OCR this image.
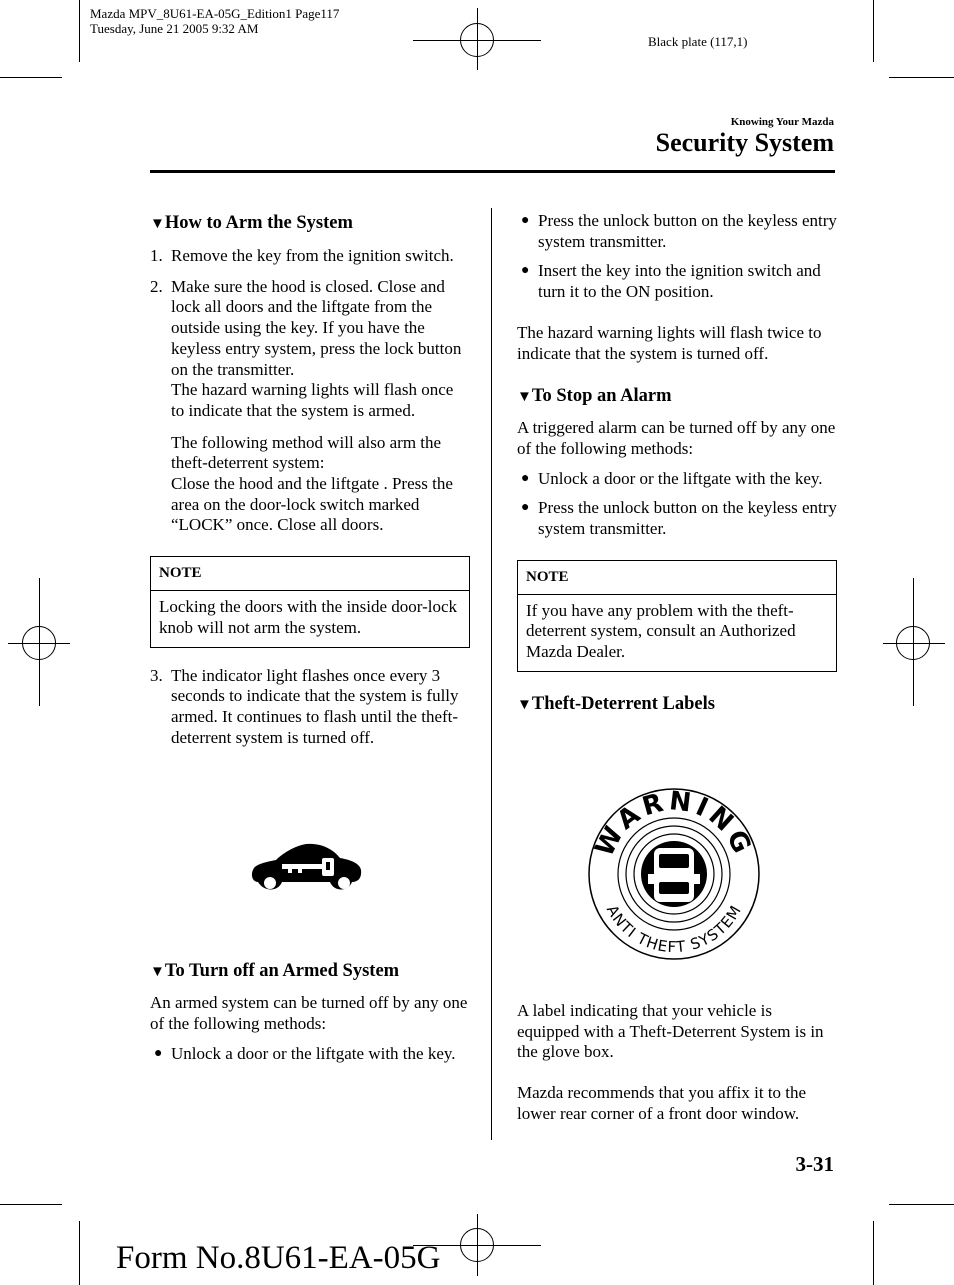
Mazda MPV_8U61-EA-05G_Edition1 Page117
Tuesday, June 21 2005 9:32 AM
Black plate (117,1)
Knowing Your Mazda
Security System
▼How to Arm the System
1. Remove the key from the ignition switch.

2. Make sure the hood is closed. Close and lock all doors and the liftgate from the outside using the key. If you have the keyless entry system, press the lock button on the transmitter.

The hazard warning lights will flash once to indicate that the system is armed.

The following method will also arm the theft-deterrent system:

Close the hood and the liftgate . Press the area on the door-lock switch marked “LOCK” once. Close all doors.

NOTE
Locking the doors with the inside door-lock knob will not arm the system.
3. The indicator light flashes once every 3 seconds to indicate that the system is fully armed. It continues to flash until the theft-deterrent system is turned off.

▼To Turn off an Armed System

An armed system can be turned off by any one of the following methods:

● Unlock a door or the liftgate with the key.

● Press the unlock button on the keyless entry system transmitter.

● Insert the key into the ignition switch and turn it to the ON position.

The hazard warning lights will flash twice to indicate that the system is turned off.

▼To Stop an Alarm

A triggered alarm can be turned off by any one of the following methods:

● Unlock a door or the liftgate with the key.

● Press the unlock button on the keyless entry system transmitter.

NOTE
If you have any problem with the theft-deterrent system, consult an Authorized Mazda Dealer.
▼Theft-Deterrent Labels
WARNING
ANTI THEFT SYSTEM

A label indicating that your vehicle is equipped with a Theft-Deterrent System is in the glove box.

Mazda recommends that you affix it to the lower rear corner of a front door window.

3-31
Form No.8U61-EA-05G
